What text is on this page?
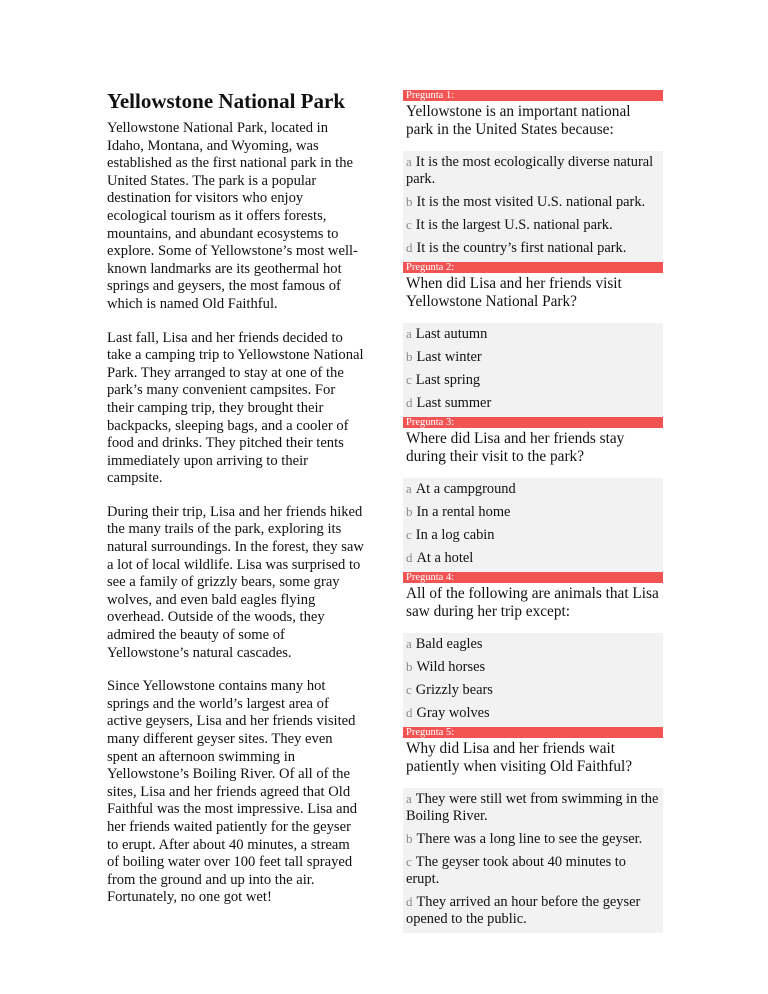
Yellowstone National Park

Yellowstone National Park, located in Idaho, Montana, and Wyoming, was established as the first national park in the United States. The park is a popular destination for visitors who enjoy ecological tourism as it offers forests, mountains, and abundant ecosystems to explore. Some of Yellowstone’s most well-known landmarks are its geothermal hot springs and geysers, the most famous of which is named Old Faithful.

Last fall, Lisa and her friends decided to take a camping trip to Yellowstone National Park. They arranged to stay at one of the park’s many convenient campsites. For their camping trip, they brought their backpacks, sleeping bags, and a cooler of food and drinks. They pitched their tents immediately upon arriving to their campsite.

During their trip, Lisa and her friends hiked the many trails of the park, exploring its natural surroundings. In the forest, they saw a lot of local wildlife. Lisa was surprised to see a family of grizzly bears, some gray wolves, and even bald eagles flying overhead. Outside of the woods, they admired the beauty of some of Yellowstone’s natural cascades.

Since Yellowstone contains many hot springs and the world’s largest area of active geysers, Lisa and her friends visited many different geyser sites. They even spent an afternoon swimming in Yellowstone’s Boiling River. Of all of the sites, Lisa and her friends agreed that Old Faithful was the most impressive. Lisa and her friends waited patiently for the geyser to erupt. After about 40 minutes, a stream of boiling water over 100 feet tall sprayed from the ground and up into the air. Fortunately, no one got wet!

Pregunta 1:
Yellowstone is an important national park in the United States because:
a It is the most ecologically diverse natural park.
b It is the most visited U.S. national park.
c It is the largest U.S. national park.
d It is the country’s first national park.
Pregunta 2:
When did Lisa and her friends visit Yellowstone National Park?
a Last autumn
b Last winter
c Last spring
d Last summer
Pregunta 3:
Where did Lisa and her friends stay during their visit to the park?
a At a campground
b In a rental home
c In a log cabin
d At a hotel
Pregunta 4:
All of the following are animals that Lisa saw during her trip except:
a Bald eagles
b Wild horses
c Grizzly bears
d Gray wolves
Pregunta 5:
Why did Lisa and her friends wait patiently when visiting Old Faithful?
a They were still wet from swimming in the Boiling River.
b There was a long line to see the geyser.
c The geyser took about 40 minutes to erupt.
d They arrived an hour before the geyser opened to the public.
